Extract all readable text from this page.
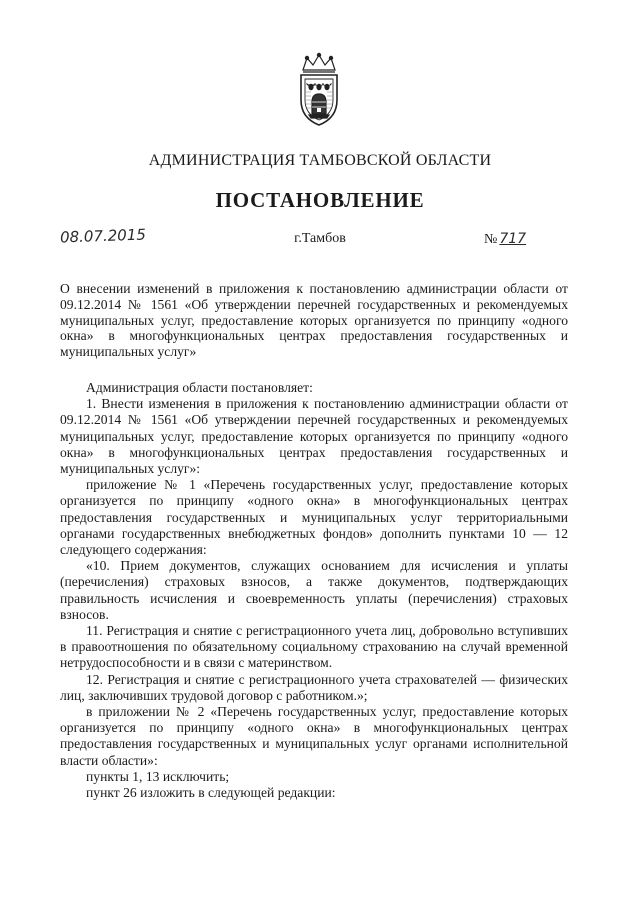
АДМИНИСТРАЦИЯ ТАМБОВСКОЙ ОБЛАСТИ
ПОСТАНОВЛЕНИЕ
08.07.2015	г.Тамбов	№ 717
О внесении изменений в приложения к постановлению администрации области от 09.12.2014 № 1561 «Об утверждении перечней государственных и рекомендуемых муниципальных услуг, предоставление которых организуется по принципу «одного окна» в многофункциональных центрах предоставления государственных и муниципальных услуг»

Администрация области постановляет:

1. Внести изменения в приложения к постановлению администрации области от 09.12.2014 № 1561 «Об утверждении перечней государственных и рекомендуемых муниципальных услуг, предоставление которых организуется по принципу «одного окна» в многофункциональных центрах предоставления государственных и муниципальных услуг»:

приложение № 1 «Перечень государственных услуг, предоставление которых организуется по принципу «одного окна» в многофункциональных центрах предоставления государственных и муниципальных услуг территориальными органами государственных внебюджетных фондов» дополнить пунктами 10 — 12 следующего содержания:

«10. Прием документов, служащих основанием для исчисления и уплаты (перечисления) страховых взносов, а также документов, подтверждающих правильность исчисления и своевременность уплаты (перечисления) страховых взносов.

11. Регистрация и снятие с регистрационного учета лиц, добровольно вступивших в правоотношения по обязательному социальному страхованию на случай временной нетрудоспособности и в связи с материнством.

12. Регистрация и снятие с регистрационного учета страхователей — физических лиц, заключивших трудовой договор с работником.»;

в приложении № 2 «Перечень государственных услуг, предоставление которых организуется по принципу «одного окна» в многофункциональных центрах предоставления государственных и муниципальных услуг органами исполнительной власти области»:

пункты 1, 13 исключить;

пункт 26 изложить в следующей редакции:
